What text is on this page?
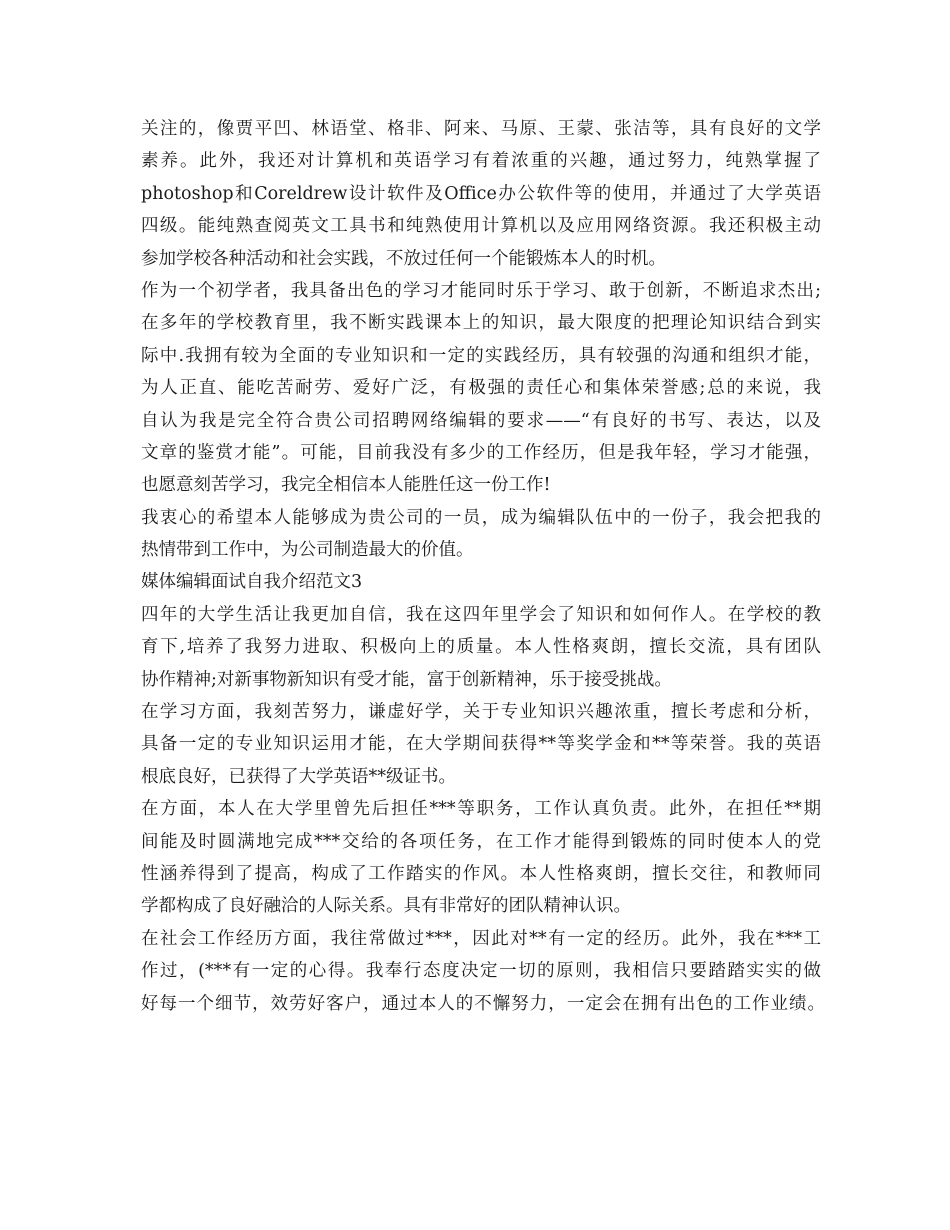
关注的，像贾平凹、林语堂、格非、阿来、马原、王蒙、张洁等，具有良好的文学
素养。此外，我还对计算机和英语学习有着浓重的兴趣，通过努力，纯熟掌握了
photoshop和Coreldrew设计软件及Office办公软件等的使用，并通过了大学英语
四级。能纯熟查阅英文工具书和纯熟使用计算机以及应用网络资源。我还积极主动
参加学校各种活动和社会实践，不放过任何一个能锻炼本人的时机。
作为一个初学者，我具备出色的学习才能同时乐于学习、敢于创新，不断追求杰出;
在多年的学校教育里，我不断实践课本上的知识，最大限度的把理论知识结合到实
际中.我拥有较为全面的专业知识和一定的实践经历，具有较强的沟通和组织才能，
为人正直、能吃苦耐劳、爱好广泛，有极强的责任心和集体荣誉感;总的来说，我
自认为我是完全符合贵公司招聘网络编辑的要求——“有良好的书写、表达，以及
文章的鉴赏才能”。可能，目前我没有多少的工作经历，但是我年轻，学习才能强，
也愿意刻苦学习，我完全相信本人能胜任这一份工作!
我衷心的希望本人能够成为贵公司的一员，成为编辑队伍中的一份子，我会把我的
热情带到工作中，为公司制造最大的价值。
媒体编辑面试自我介绍范文3
四年的大学生活让我更加自信，我在这四年里学会了知识和如何作人。在学校的教
育下,培养了我努力进取、积极向上的质量。本人性格爽朗，擅长交流，具有团队
协作精神;对新事物新知识有受才能，富于创新精神，乐于接受挑战。
在学习方面，我刻苦努力，谦虚好学，关于专业知识兴趣浓重，擅长考虑和分析，
具备一定的专业知识运用才能，在大学期间获得**等奖学金和**等荣誉。我的英语
根底良好，已获得了大学英语**级证书。
在方面，本人在大学里曾先后担任***等职务，工作认真负责。此外，在担任**期
间能及时圆满地完成***交给的各项任务，在工作才能得到锻炼的同时使本人的党
性涵养得到了提高，构成了工作踏实的作风。本人性格爽朗，擅长交往，和教师同
学都构成了良好融洽的人际关系。具有非常好的团队精神认识。
在社会工作经历方面，我往常做过***，因此对**有一定的经历。此外，我在***工
作过，(***有一定的心得。我奉行态度决定一切的原则，我相信只要踏踏实实的做
好每一个细节，效劳好客户，通过本人的不懈努力，一定会在拥有出色的工作业绩。
